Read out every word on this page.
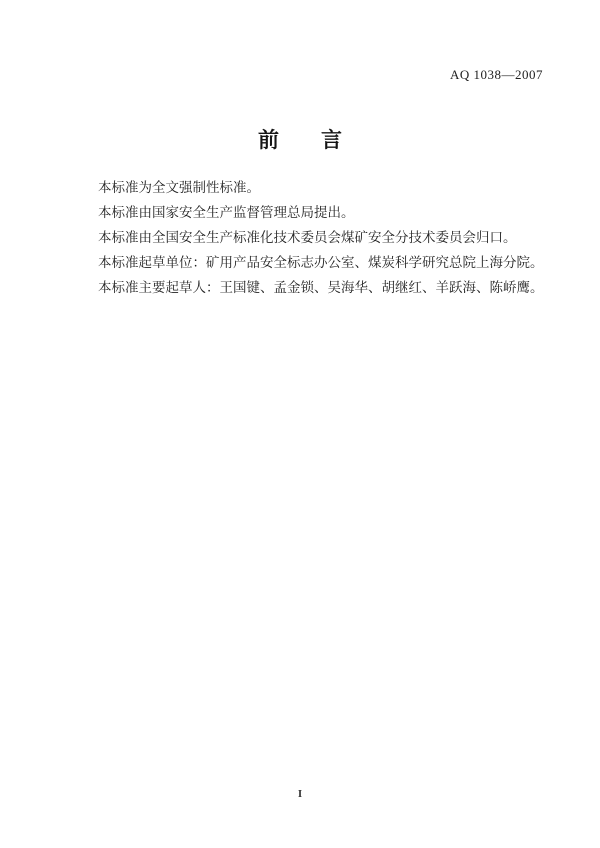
AQ 1038—2007
前　　言

本标准为全文强制性标准。

本标准由国家安全生产监督管理总局提出。

本标准由全国安全生产标准化技术委员会煤矿安全分技术委员会归口。

本标准起草单位：矿用产品安全标志办公室、煤炭科学研究总院上海分院。

本标准主要起草人：王国键、孟金锁、吴海华、胡继红、羊跃海、陈峤鹰。

I
